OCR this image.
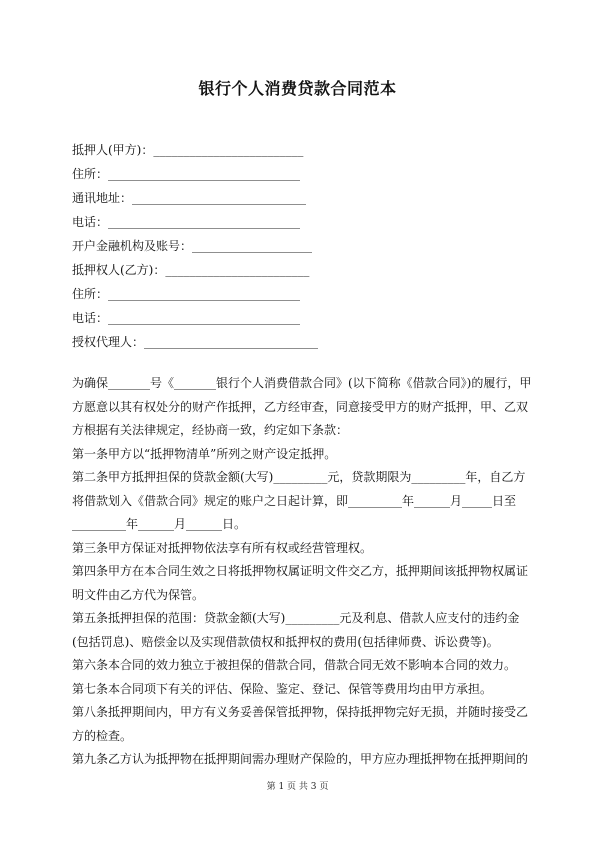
银行个人消费贷款合同范本
抵押人(甲方)：_________________________
住所：________________________________
通讯地址：_____________________________
电话：________________________________
开户金融机构及账号：____________________
抵押权人(乙方)：________________________
住所：________________________________
电话：________________________________
授权代理人：_____________________________
为确保_______号《_______银行个人消费借款合同》(以下简称《借款合同》)的履行，甲方愿意以其有权处分的财产作抵押，乙方经审查，同意接受甲方的财产抵押，甲、乙双方根据有关法律规定，经协商一致，约定如下条款：
第一条甲方以“抵押物清单”所列之财产设定抵押。
第二条甲方抵押担保的贷款金额(大写)_________元，贷款期限为_________年，自乙方将借款划入《借款合同》规定的账户之日起计算，即_________年______月_____日至_________年______月______日。
第三条甲方保证对抵押物依法享有所有权或经营管理权。
第四条甲方在本合同生效之日将抵押物权属证明文件交乙方，抵押期间该抵押物权属证明文件由乙方代为保管。
第五条抵押担保的范围：贷款金额(大写)_________元及利息、借款人应支付的违约金(包括罚息)、赔偿金以及实现借款债权和抵押权的费用(包括律师费、诉讼费等)。
第六条本合同的效力独立于被担保的借款合同，借款合同无效不影响本合同的效力。
第七条本合同项下有关的评估、保险、鉴定、登记、保管等费用均由甲方承担。
第八条抵押期间内，甲方有义务妥善保管抵押物，保持抵押物完好无损，并随时接受乙方的检查。
第九条乙方认为抵押物在抵押期间需办理财产保险的，甲方应办理抵押物在抵押期间的
第 1 页 共 3 页
